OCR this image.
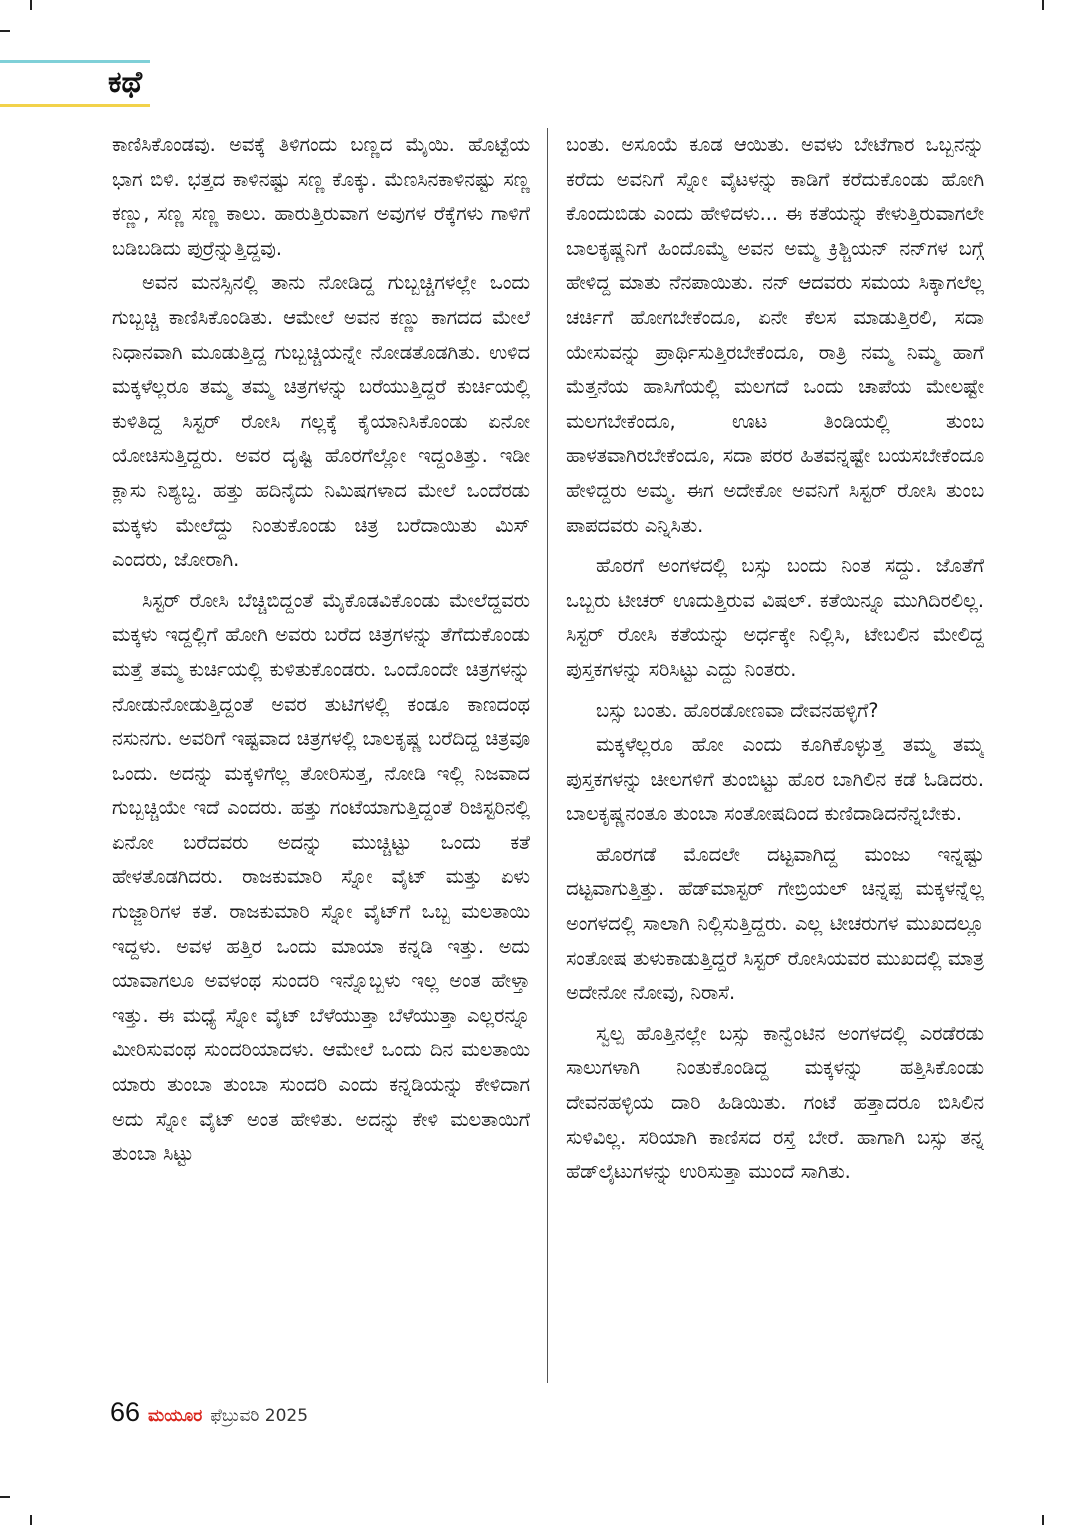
ಕಥೆ

ಕಾಣಿಸಿಕೊಂಡವು. ಅವಕ್ಕೆ ತಿಳಿಗಂದು ಬಣ್ಣದ ಮೈಯಿ. ಹೊಟ್ಟೆಯ ಭಾಗ ಬಿಳಿ. ಭತ್ತದ ಕಾಳಿನಷ್ಟು ಸಣ್ಣ ಕೊಕ್ಕು. ಮೆಣಸಿನಕಾಳಿನಷ್ಟು ಸಣ್ಣ ಕಣ್ಣು, ಸಣ್ಣ ಸಣ್ಣ ಕಾಲು. ಹಾರುತ್ತಿರುವಾಗ ಅವುಗಳ ರೆಕ್ಕೆಗಳು ಗಾಳಿಗೆ ಬಡಿಬಡಿದು ಪುರ್ರೆನ್ನುತ್ತಿದ್ದವು.

ಅವನ ಮನಸ್ಸಿನಲ್ಲಿ ತಾನು ನೋಡಿದ್ದ ಗುಬ್ಬಚ್ಚಿಗಳಲ್ಲೇ ಒಂದು ಗುಬ್ಬಚ್ಚಿ ಕಾಣಿಸಿಕೊಂಡಿತು. ಆಮೇಲೆ ಅವನ ಕಣ್ಣು ಕಾಗದದ ಮೇಲೆ ನಿಧಾನವಾಗಿ ಮೂಡುತ್ತಿದ್ದ ಗುಬ್ಬಚ್ಚಿಯನ್ನೇ ನೋಡತೊಡಗಿತು. ಉಳಿದ ಮಕ್ಕಳೆಲ್ಲರೂ ತಮ್ಮ ತಮ್ಮ ಚಿತ್ರಗಳನ್ನು ಬರೆಯುತ್ತಿದ್ದರೆ ಕುರ್ಚಿಯಲ್ಲಿ ಕುಳಿತಿದ್ದ ಸಿಸ್ಟರ್ ರೋಸಿ ಗಲ್ಲಕ್ಕೆ ಕೈಯಾನಿಸಿಕೊಂಡು ಏನೋ ಯೋಚಿಸುತ್ತಿದ್ದರು. ಅವರ ದೃಷ್ಟಿ ಹೊರಗೆಲ್ಲೋ ಇದ್ದಂತಿತ್ತು. ಇಡೀ ಕ್ಲಾಸು ನಿಶ್ಯಬ್ದ. ಹತ್ತು ಹದಿನೈದು ನಿಮಿಷಗಳಾದ ಮೇಲೆ ಒಂದೆರಡು ಮಕ್ಕಳು ಮೇಲೆದ್ದು ನಿಂತುಕೊಂಡು ಚಿತ್ರ ಬರೆದಾಯಿತು ಮಿಸ್ ಎಂದರು, ಜೋರಾಗಿ.

ಸಿಸ್ಟರ್ ರೋಸಿ ಬೆಚ್ಚಿಬಿದ್ದಂತೆ ಮೈಕೊಡವಿಕೊಂಡು ಮೇಲೆದ್ದವರು ಮಕ್ಕಳು ಇದ್ದಲ್ಲಿಗೆ ಹೋಗಿ ಅವರು ಬರೆದ ಚಿತ್ರಗಳನ್ನು ತೆಗೆದುಕೊಂಡು ಮತ್ತೆ ತಮ್ಮ ಕುರ್ಚಿಯಲ್ಲಿ ಕುಳಿತುಕೊಂಡರು. ಒಂದೊಂದೇ ಚಿತ್ರಗಳನ್ನು ನೋಡುನೋಡುತ್ತಿದ್ದಂತೆ ಅವರ ತುಟಿಗಳಲ್ಲಿ ಕಂಡೂ ಕಾಣದಂಥ ನಸುನಗು. ಅವರಿಗೆ ಇಷ್ಟವಾದ ಚಿತ್ರಗಳಲ್ಲಿ ಬಾಲಕೃಷ್ಣ ಬರೆದಿದ್ದ ಚಿತ್ರವೂ ಒಂದು. ಅದನ್ನು ಮಕ್ಕಳಿಗೆಲ್ಲ ತೋರಿಸುತ್ತ, ನೋಡಿ ಇಲ್ಲಿ ನಿಜವಾದ ಗುಬ್ಬಚ್ಚಿಯೇ ಇದೆ ಎಂದರು. ಹತ್ತು ಗಂಟೆಯಾಗುತ್ತಿದ್ದಂತೆ ರಿಜಿಸ್ಟರಿನಲ್ಲಿ ಏನೋ ಬರೆದವರು ಅದನ್ನು ಮುಚ್ಚಿಟ್ಟು ಒಂದು ಕತೆ ಹೇಳತೊಡಗಿದರು. ರಾಜಕುಮಾರಿ ಸ್ನೋ ವೈಟ್ ಮತ್ತು ಏಳು ಗುಜ್ಜಾರಿಗಳ ಕತೆ. ರಾಜಕುಮಾರಿ ಸ್ನೋ ವೈಟ್‌ಗೆ ಒಬ್ಬ ಮಲತಾಯಿ ಇದ್ದಳು. ಅವಳ ಹತ್ತಿರ ಒಂದು ಮಾಯಾ ಕನ್ನಡಿ ಇತ್ತು. ಅದು ಯಾವಾಗಲೂ ಅವಳಂಥ ಸುಂದರಿ ಇನ್ನೊಬ್ಬಳು ಇಲ್ಲ ಅಂತ ಹೇಳ್ತಾ ಇತ್ತು. ಈ ಮಧ್ಯೆ ಸ್ನೋ ವೈಟ್ ಬೆಳೆಯುತ್ತಾ ಬೆಳೆಯುತ್ತಾ ಎಲ್ಲರನ್ನೂ ಮೀರಿಸುವಂಥ ಸುಂದರಿಯಾದಳು. ಆಮೇಲೆ ಒಂದು ದಿನ ಮಲತಾಯಿ ಯಾರು ತುಂಬಾ ತುಂಬಾ ಸುಂದರಿ ಎಂದು ಕನ್ನಡಿಯನ್ನು ಕೇಳಿದಾಗ ಅದು ಸ್ನೋ ವೈಟ್ ಅಂತ ಹೇಳಿತು. ಅದನ್ನು ಕೇಳಿ ಮಲತಾಯಿಗೆ ತುಂಬಾ ಸಿಟ್ಟು

ಬಂತು. ಅಸೂಯೆ ಕೂಡ ಆಯಿತು. ಅವಳು ಬೇಟೆಗಾರ ಒಬ್ಬನನ್ನು ಕರೆದು ಅವನಿಗೆ ಸ್ನೋ ವೈಟಳನ್ನು ಕಾಡಿಗೆ ಕರೆದುಕೊಂಡು ಹೋಗಿ ಕೊಂದುಬಿಡು ಎಂದು ಹೇಳಿದಳು... ಈ ಕತೆಯನ್ನು ಕೇಳುತ್ತಿರುವಾಗಲೇ ಬಾಲಕೃಷ್ಣನಿಗೆ ಹಿಂದೊಮ್ಮೆ ಅವನ ಅಮ್ಮ ಕ್ರಿಶ್ಚಿಯನ್ ನನ್‌ಗಳ ಬಗ್ಗೆ ಹೇಳಿದ್ದ ಮಾತು ನೆನಪಾಯಿತು. ನನ್ ಆದವರು ಸಮಯ ಸಿಕ್ಕಾಗಲೆಲ್ಲ ಚರ್ಚಿಗೆ ಹೋಗಬೇಕೆಂದೂ, ಏನೇ ಕೆಲಸ ಮಾಡುತ್ತಿರಲಿ, ಸದಾ ಯೇಸುವನ್ನು ಪ್ರಾರ್ಥಿಸುತ್ತಿರಬೇಕೆಂದೂ, ರಾತ್ರಿ ನಮ್ಮ ನಿಮ್ಮ ಹಾಗೆ ಮೆತ್ತನೆಯ ಹಾಸಿಗೆಯಲ್ಲಿ ಮಲಗದೆ ಒಂದು ಚಾಪೆಯ ಮೇಲಷ್ಟೇ ಮಲಗಬೇಕೆಂದೂ, ಊಟ ತಿಂಡಿಯಲ್ಲಿ ತುಂಬ ಹಾಳತವಾಗಿರಬೇಕೆಂದೂ, ಸದಾ ಪರರ ಹಿತವನ್ನಷ್ಟೇ ಬಯಸಬೇಕೆಂದೂ ಹೇಳಿದ್ದರು ಅಮ್ಮ. ಈಗ ಅದೇಕೋ ಅವನಿಗೆ ಸಿಸ್ಟರ್ ರೋಸಿ ತುಂಬ ಪಾಪದವರು ಎನ್ನಿಸಿತು.

ಹೊರಗೆ ಅಂಗಳದಲ್ಲಿ ಬಸ್ಸು ಬಂದು ನಿಂತ ಸದ್ದು. ಜೊತೆಗೆ ಒಬ್ಬರು ಟೀಚರ್ ಊದುತ್ತಿರುವ ವಿಷಲ್. ಕತೆಯಿನ್ನೂ ಮುಗಿದಿರಲಿಲ್ಲ. ಸಿಸ್ಟರ್ ರೋಸಿ ಕತೆಯನ್ನು ಅರ್ಧಕ್ಕೇ ನಿಲ್ಲಿಸಿ, ಟೇಬಲಿನ ಮೇಲಿದ್ದ ಪುಸ್ತಕಗಳನ್ನು ಸರಿಸಿಟ್ಟು ಎದ್ದು ನಿಂತರು.

ಬಸ್ಸು ಬಂತು. ಹೊರಡೋಣವಾ ದೇವನಹಳ್ಳಿಗೆ?

ಮಕ್ಕಳೆಲ್ಲರೂ ಹೋ ಎಂದು ಕೂಗಿಕೊಳ್ಳುತ್ತ ತಮ್ಮ ತಮ್ಮ ಪುಸ್ತಕಗಳನ್ನು ಚೀಲಗಳಿಗೆ ತುಂಬಿಟ್ಟು ಹೊರ ಬಾಗಿಲಿನ ಕಡೆ ಓಡಿದರು. ಬಾಲಕೃಷ್ಣನಂತೂ ತುಂಬಾ ಸಂತೋಷದಿಂದ ಕುಣಿದಾಡಿದನೆನ್ನಬೇಕು.

ಹೊರಗಡೆ ಮೊದಲೇ ದಟ್ಟವಾಗಿದ್ದ ಮಂಜು ಇನ್ನಷ್ಟು ದಟ್ಟವಾಗುತ್ತಿತ್ತು. ಹೆಡ್‌ಮಾಸ್ಟರ್ ಗೇಬ್ರಿಯಲ್ ಚಿನ್ನಪ್ಪ ಮಕ್ಕಳನ್ನೆಲ್ಲ ಅಂಗಳದಲ್ಲಿ ಸಾಲಾಗಿ ನಿಲ್ಲಿಸುತ್ತಿದ್ದರು. ಎಲ್ಲ ಟೀಚರುಗಳ ಮುಖದಲ್ಲೂ ಸಂತೋಷ ತುಳುಕಾಡುತ್ತಿದ್ದರೆ ಸಿಸ್ಟರ್ ರೋಸಿಯವರ ಮುಖದಲ್ಲಿ ಮಾತ್ರ ಅದೇನೋ ನೋವು, ನಿರಾಸೆ.

ಸ್ವಲ್ಪ ಹೊತ್ತಿನಲ್ಲೇ ಬಸ್ಸು ಕಾನ್ವೆಂಟಿನ ಅಂಗಳದಲ್ಲಿ ಎರಡೆರಡು ಸಾಲುಗಳಾಗಿ ನಿಂತುಕೊಂಡಿದ್ದ ಮಕ್ಕಳನ್ನು ಹತ್ತಿಸಿಕೊಂಡು ದೇವನಹಳ್ಳಿಯ ದಾರಿ ಹಿಡಿಯಿತು. ಗಂಟೆ ಹತ್ತಾದರೂ ಬಿಸಿಲಿನ ಸುಳಿವಿಲ್ಲ. ಸರಿಯಾಗಿ ಕಾಣಿಸದ ರಸ್ತೆ ಬೇರೆ. ಹಾಗಾಗಿ ಬಸ್ಸು ತನ್ನ ಹೆಡ್‌ಲೈಟುಗಳನ್ನು ಉರಿಸುತ್ತಾ ಮುಂದೆ ಸಾಗಿತು.

66 ಮಯೂರ ಫೆಬ್ರುವರಿ 2025
